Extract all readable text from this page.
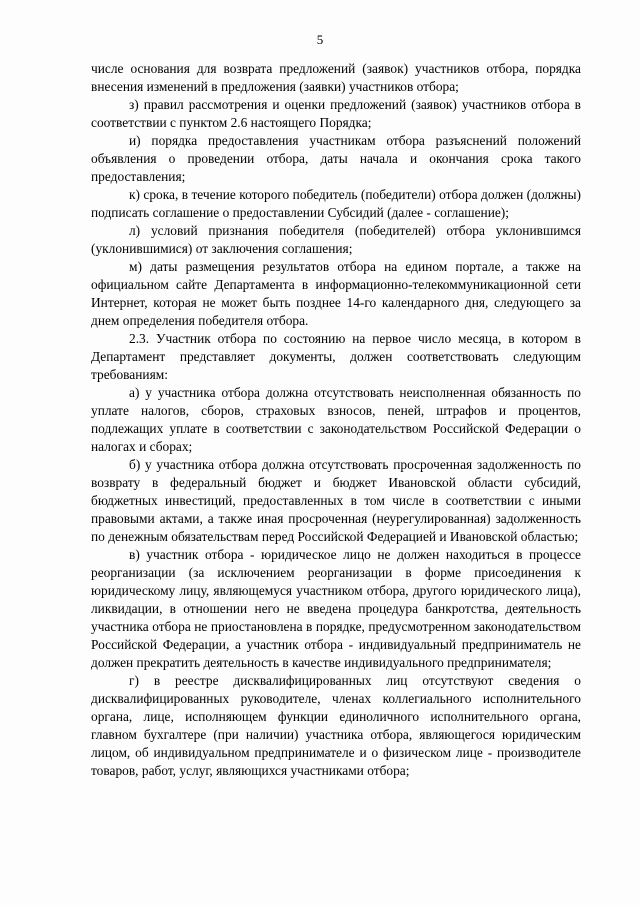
5

числе основания для возврата предложений (заявок) участников отбора, порядка внесения изменений в предложения (заявки) участников отбора;

з) правил рассмотрения и оценки предложений (заявок) участников отбора в соответствии с пунктом 2.6 настоящего Порядка;

и) порядка предоставления участникам отбора разъяснений положений объявления о проведении отбора, даты начала и окончания срока такого предоставления;

к) срока, в течение которого победитель (победители) отбора должен (должны) подписать соглашение о предоставлении Субсидий (далее - соглашение);

л) условий признания победителя (победителей) отбора уклонившимся (уклонившимися) от заключения соглашения;

м) даты размещения результатов отбора на едином портале, а также на официальном сайте Департамента в информационно-телекоммуникационной сети Интернет, которая не может быть позднее 14-го календарного дня, следующего за днем определения победителя отбора.

2.3. Участник отбора по состоянию на первое число месяца, в котором в Департамент представляет документы, должен соответствовать следующим требованиям:

а) у участника отбора должна отсутствовать неисполненная обязанность по уплате налогов, сборов, страховых взносов, пеней, штрафов и процентов, подлежащих уплате в соответствии с законодательством Российской Федерации о налогах и сборах;

б) у участника отбора должна отсутствовать просроченная задолженность по возврату в федеральный бюджет и бюджет Ивановской области субсидий, бюджетных инвестиций, предоставленных в том числе в соответствии с иными правовыми актами, а также иная просроченная (неурегулированная) задолженность по денежным обязательствам перед Российской Федерацией и Ивановской областью;

в) участник отбора - юридическое лицо не должен находиться в процессе реорганизации (за исключением реорганизации в форме присоединения к юридическому лицу, являющемуся участником отбора, другого юридического лица), ликвидации, в отношении него не введена процедура банкротства, деятельность участника отбора не приостановлена в порядке, предусмотренном законодательством Российской Федерации, а участник отбора - индивидуальный предприниматель не должен прекратить деятельность в качестве индивидуального предпринимателя;

г) в реестре дисквалифицированных лиц отсутствуют сведения о дисквалифицированных руководителе, членах коллегиального исполнительного органа, лице, исполняющем функции единоличного исполнительного органа, главном бухгалтере (при наличии) участника отбора, являющегося юридическим лицом, об индивидуальном предпринимателе и о физическом лице - производителе товаров, работ, услуг, являющихся участниками отбора;
